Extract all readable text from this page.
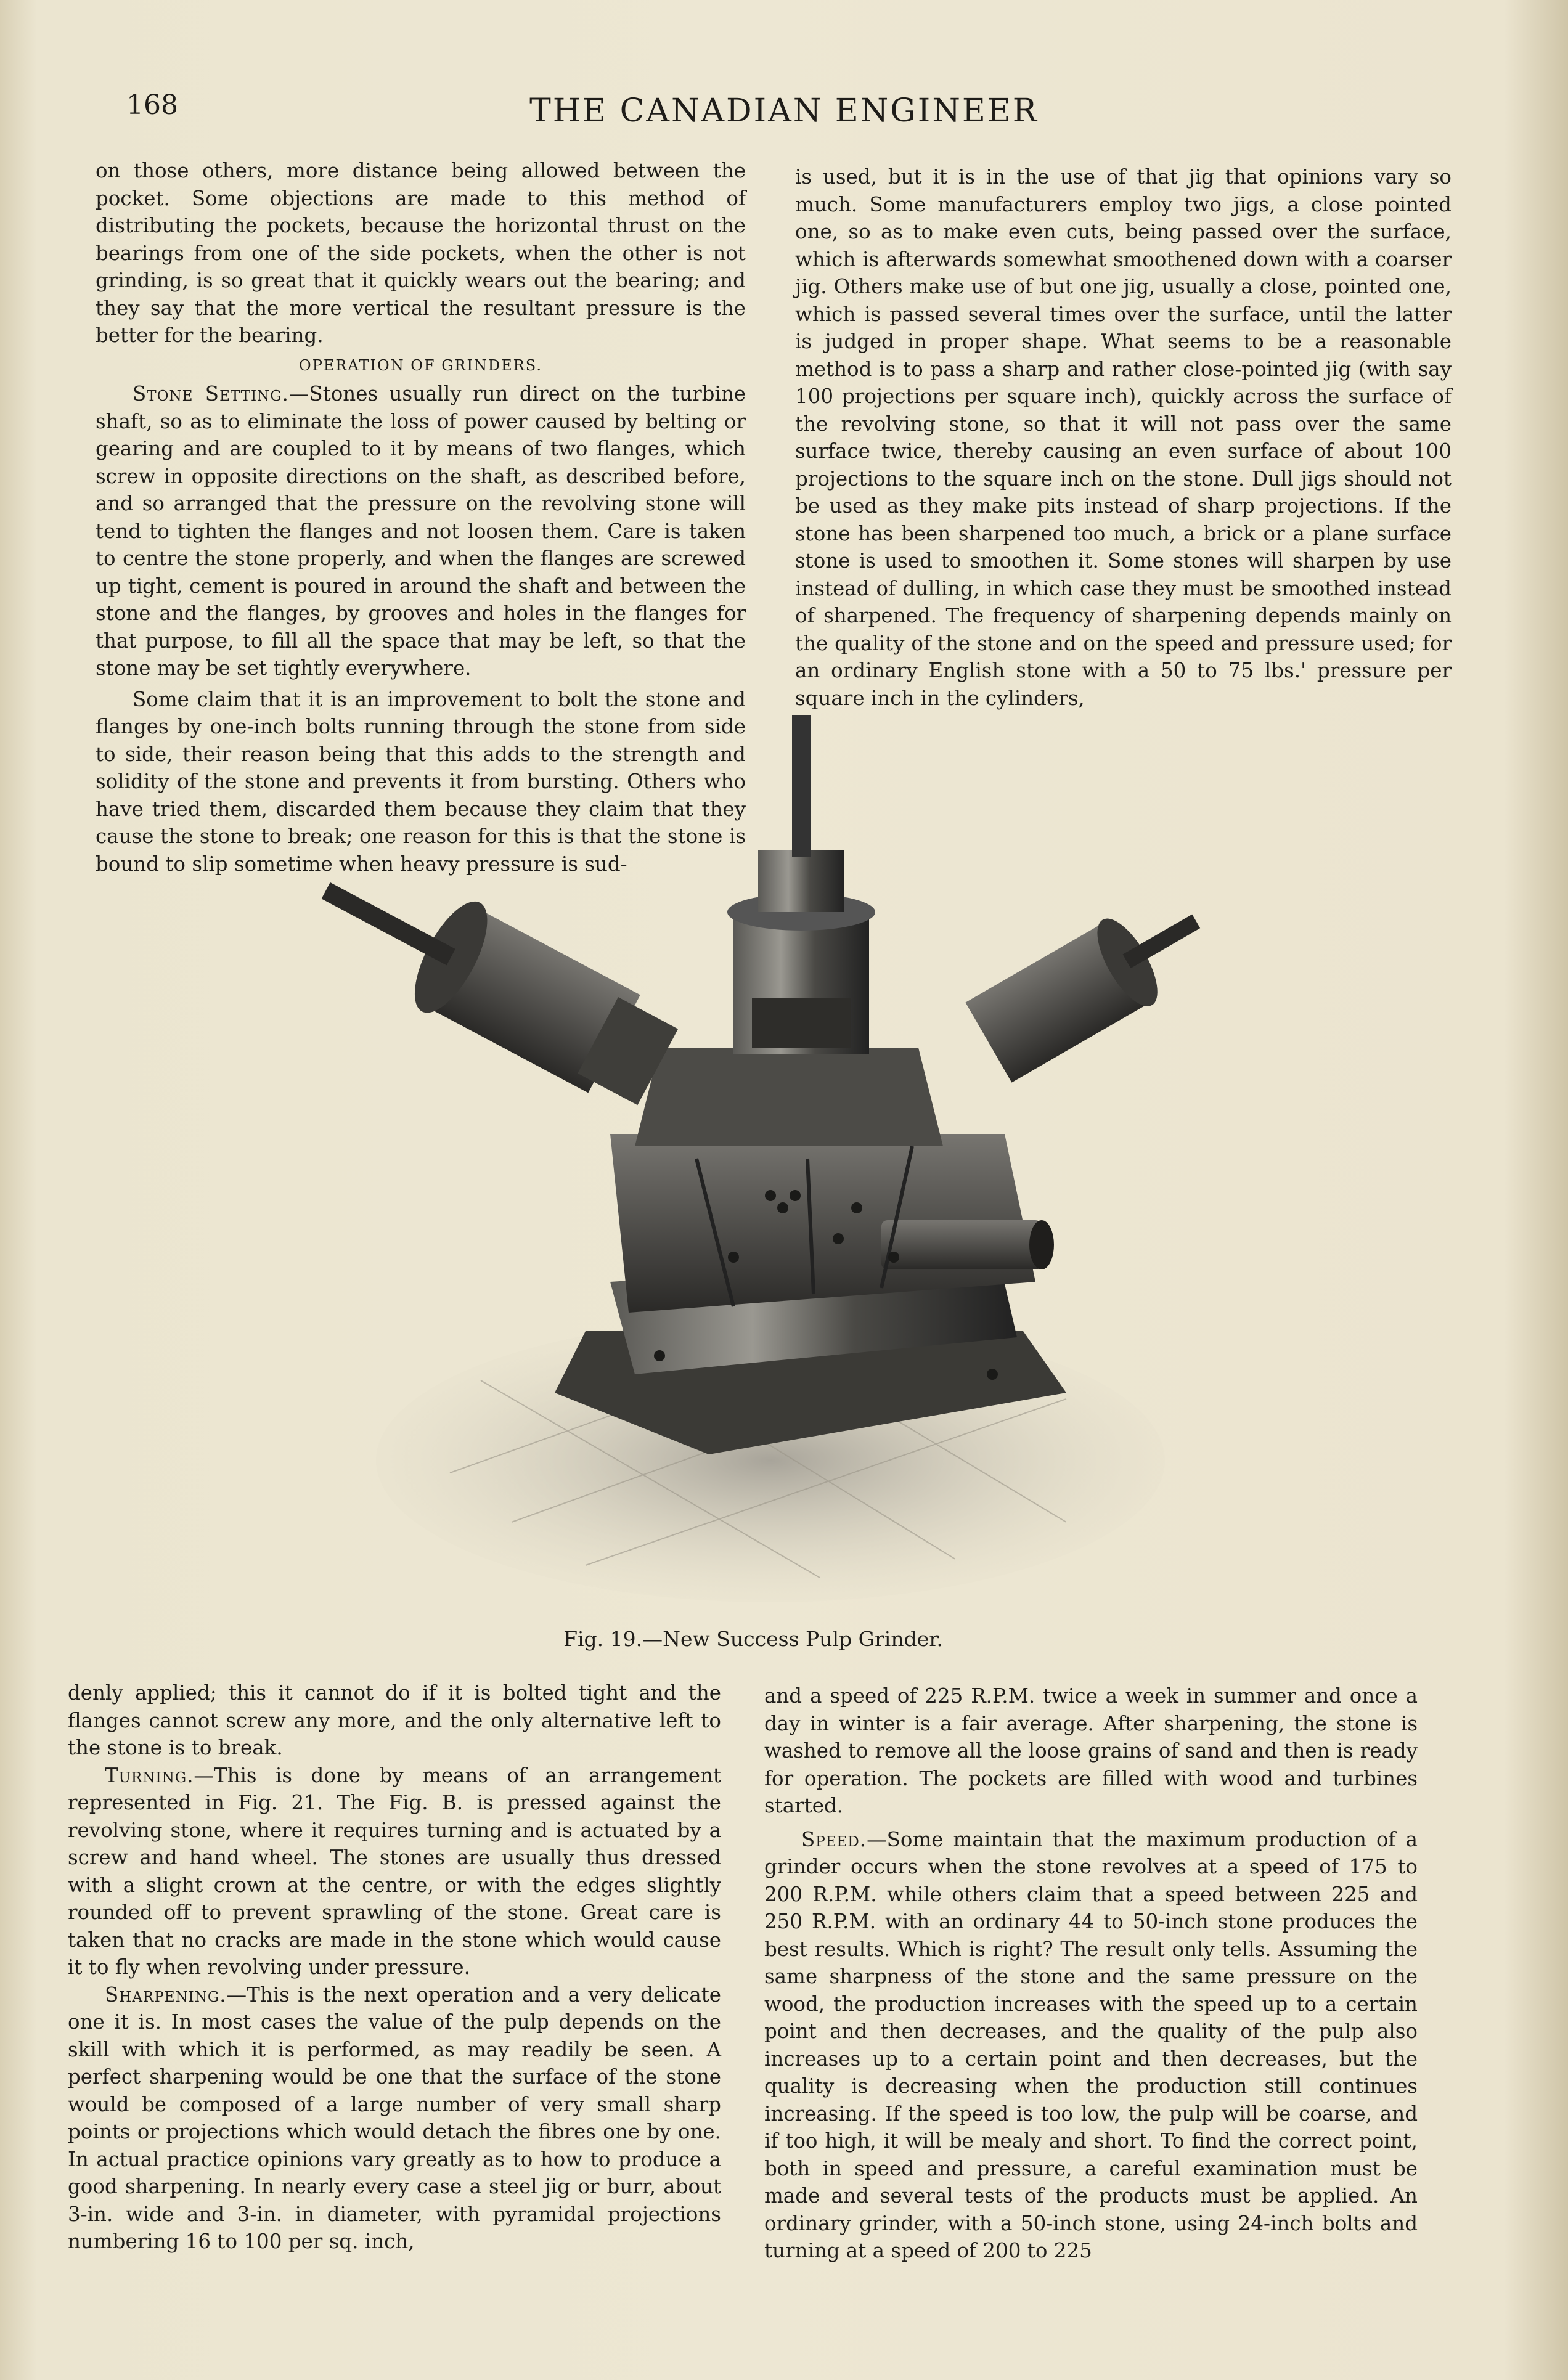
168	THE CANADIAN ENGINEER

on those others, more distance being allowed between the pocket. Some objections are made to this method of distributing the pockets, because the horizontal thrust on the bearings from one of the side pockets, when the other is not grinding, is so great that it quickly wears out the bearing; and they say that the more vertical the resultant pressure is the better for the bearing.

OPERATION OF GRINDERS.

Stone Setting.—Stones usually run direct on the turbine shaft, so as to eliminate the loss of power caused by belting or gearing and are coupled to it by means of two flanges, which screw in opposite directions on the shaft, as described before, and so arranged that the pressure on the revolving stone will tend to tighten the flanges and not loosen them. Care is taken to centre the stone properly, and when the flanges are screwed up tight, cement is poured in around the shaft and between the stone and the flanges, by grooves and holes in the flanges for that purpose, to fill all the space that may be left, so that the stone may be set tightly everywhere.

Some claim that it is an improvement to bolt the stone and flanges by one-inch bolts running through the stone from side to side, their reason being that this adds to the strength and solidity of the stone and prevents it from bursting. Others who have tried them, discarded them because they claim that they cause the stone to break; one reason for this is that the stone is bound to slip sometime when heavy pressure is sud-

is used, but it is in the use of that jig that opinions vary so much. Some manufacturers employ two jigs, a close pointed one, so as to make even cuts, being passed over the surface, which is afterwards somewhat smoothened down with a coarser jig. Others make use of but one jig, usually a close, pointed one, which is passed several times over the surface, until the latter is judged in proper shape. What seems to be a reasonable method is to pass a sharp and rather close-pointed jig (with say 100 projections per square inch), quickly across the surface of the revolving stone, so that it will not pass over the same surface twice, thereby causing an even surface of about 100 projections to the square inch on the stone. Dull jigs should not be used as they make pits instead of sharp projections. If the stone has been sharpened too much, a brick or a plane surface stone is used to smoothen it. Some stones will sharpen by use instead of dulling, in which case they must be smoothed instead of sharpened. The frequency of sharpening depends mainly on the quality of the stone and on the speed and pressure used; for an ordinary English stone with a 50 to 75 lbs.' pressure per square inch in the cylinders,

Fig. 19.—New Success Pulp Grinder.

denly applied; this it cannot do if it is bolted tight and the flanges cannot screw any more, and the only alternative left to the stone is to break.

Turning.—This is done by means of an arrangement represented in Fig. 21. The Fig. B. is pressed against the revolving stone, where it requires turning and is actuated by a screw and hand wheel. The stones are usually thus dressed with a slight crown at the centre, or with the edges slightly rounded off to prevent sprawling of the stone. Great care is taken that no cracks are made in the stone which would cause it to fly when revolving under pressure.

Sharpening.—This is the next operation and a very delicate one it is. In most cases the value of the pulp depends on the skill with which it is performed, as may readily be seen. A perfect sharpening would be one that the surface of the stone would be composed of a large number of very small sharp points or projections which would detach the fibres one by one. In actual practice opinions vary greatly as to how to produce a good sharpening. In nearly every case a steel jig or burr, about 3-in. wide and 3-in. in diameter, with pyramidal projections numbering 16 to 100 per sq. inch,

and a speed of 225 R.P.M. twice a week in summer and once a day in winter is a fair average. After sharpening, the stone is washed to remove all the loose grains of sand and then is ready for operation. The pockets are filled with wood and turbines started.

Speed.—Some maintain that the maximum production of a grinder occurs when the stone revolves at a speed of 175 to 200 R.P.M. while others claim that a speed between 225 and 250 R.P.M. with an ordinary 44 to 50-inch stone produces the best results. Which is right? The result only tells. Assuming the same sharpness of the stone and the same pressure on the wood, the production increases with the speed up to a certain point and then decreases, and the quality of the pulp also increases up to a certain point and then decreases, but the quality is decreasing when the production still continues increasing. If the speed is too low, the pulp will be coarse, and if too high, it will be mealy and short. To find the correct point, both in speed and pressure, a careful examination must be made and several tests of the products must be applied. An ordinary grinder, with a 50-inch stone, using 24-inch bolts and turning at a speed of 200 to 225
